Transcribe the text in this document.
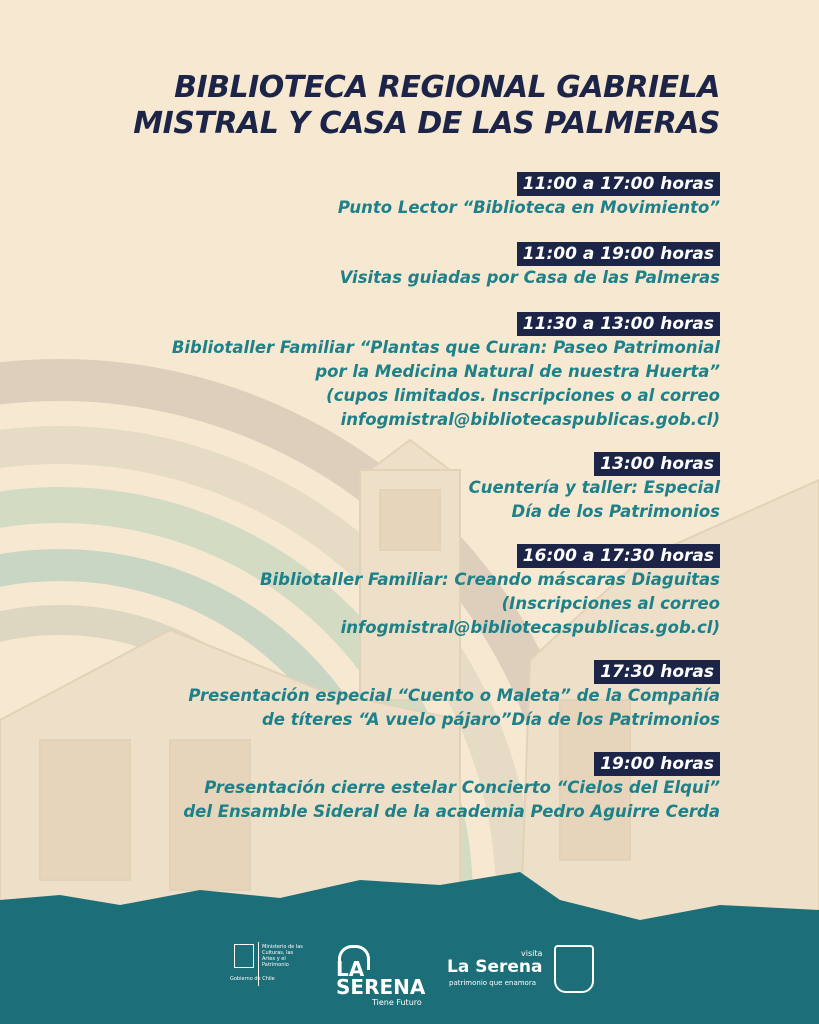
BIBLIOTECA REGIONAL GABRIELA
MISTRAL Y CASA DE LAS PALMERAS
11:00 a 17:00 horas
Punto Lector “Biblioteca en Movimiento”
11:00 a 19:00 horas
Visitas guiadas por Casa de las Palmeras
11:30 a 13:00 horas
Bibliotaller Familiar “Plantas que Curan: Paseo Patrimonial
por la Medicina Natural de nuestra Huerta”
(cupos limitados. Inscripciones o al correo
infogmistral@bibliotecaspublicas.gob.cl)
13:00 horas
Cuentería y taller: Especial
Día de los Patrimonios
16:00 a 17:30 horas
Bibliotaller Familiar: Creando máscaras Diaguitas
(Inscripciones al correo
infogmistral@bibliotecaspublicas.gob.cl)
17:30 horas
Presentación especial “Cuento o Maleta” de la Compañía
de títeres “A vuelo pájaro”Día de los Patrimonios
19:00 horas
Presentación cierre estelar Concierto “Cielos del Elqui”
del Ensamble Sideral de la academia Pedro Aguirre Cerda
Ministerio de las Culturas, las Artes y el Patrimonio
Gobierno de Chile	LA
SERENA
Tiene Futuro
visita
La Serena
patrimonio que enamora
